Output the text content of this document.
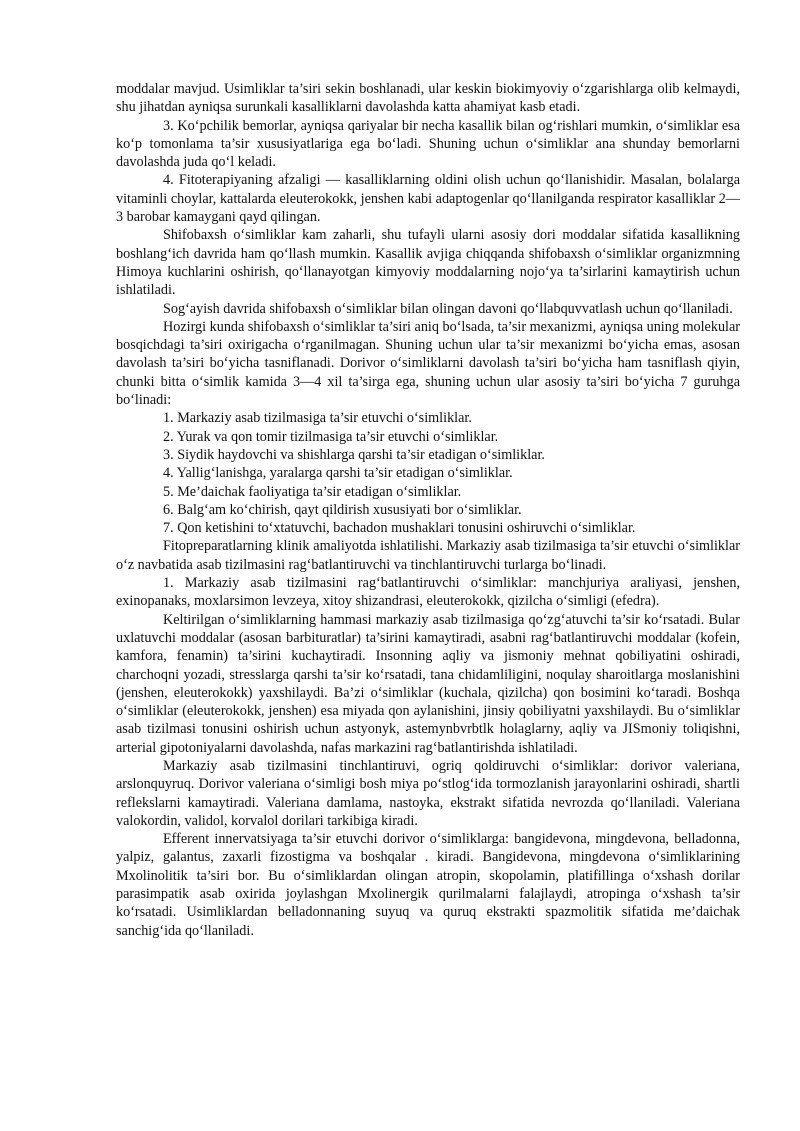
moddalar mavjud. Usimliklar ta’siri sekin boshlanadi, ular keskin biokimyoviy o‘zgarishlarga olib kelmaydi, shu jihatdan ayniqsa surunkali kasalliklarni davolashda katta ahamiyat kasb etadi.

3. Ko‘pchilik bemorlar, ayniqsa qariyalar bir necha kasallik bilan og‘rishlari mumkin, o‘simliklar esa ko‘p tomonlama ta’sir xususiyatlariga ega bo‘ladi. Shuning uchun o‘simliklar ana shunday bemorlarni davolashda juda qo‘l keladi.

4. Fitoterapiyaning afzaligi — kasalliklarning oldini olish uchun qo‘llanishidir. Masalan, bolalarga vitaminli choylar, kattalarda eleuterokokk, jenshen kabi adaptogenlar qo‘llanilganda respirator kasalliklar 2—3 barobar kamaygani qayd qilingan.

Shifobaxsh o‘simliklar kam zaharli, shu tufayli ularni asosiy dori moddalar sifatida kasallikning boshlang‘ich davrida ham qo‘llash mumkin. Kasallik avjiga chiqqanda shifobaxsh o‘simliklar organizmning Himoya kuchlarini oshirish, qo‘llanayotgan kimyoviy moddalarning nojo‘ya ta’sirlarini kamaytirish uchun ishlatiladi.

Sog‘ayish davrida shifobaxsh o‘simliklar bilan olingan davoni qo‘llabquvvatlash uchun qo‘llaniladi.

Hozirgi kunda shifobaxsh o‘simliklar ta’siri aniq bo‘lsada, ta’sir mexanizmi, ayniqsa uning molekular bosqichdagi ta’siri oxirigacha o‘rganilmagan. Shuning uchun ular ta’sir mexanizmi bo‘yicha emas, asosan davolash ta’siri bo‘yicha tasniflanadi. Dorivor o‘simliklarni davolash ta’siri bo‘yicha ham tasniflash qiyin, chunki bitta o‘simlik kamida 3—4 xil ta’sirga ega, shuning uchun ular asosiy ta’siri bo‘yicha 7 guruhga bo‘linadi:

1. Markaziy asab tizilmasiga ta’sir etuvchi o‘simliklar.

2. Yurak va qon tomir tizilmasiga ta’sir etuvchi o‘simliklar.

3. Siydik haydovchi va shishlarga qarshi ta’sir etadigan o‘simliklar.

4. Yallig‘lanishga, yaralarga qarshi ta’sir etadigan o‘simliklar.

5. Me’daichak faoliyatiga ta’sir etadigan o‘simliklar.

6. Balg‘am ko‘chirish, qayt qildirish xususiyati bor o‘simliklar.

7. Qon ketishini to‘xtatuvchi, bachadon mushaklari tonusini oshiruvchi o‘simliklar.

Fitopreparatlarning klinik amaliyotda ishlatilishi. Markaziy asab tizilmasiga ta’sir etuvchi o‘simliklar o‘z navbatida asab tizilmasini rag‘batlantiruvchi va tinchlantiruvchi turlarga bo‘linadi.

1. Markaziy asab tizilmasini rag‘batlantiruvchi o‘simliklar: manchjuriya araliyasi, jenshen, exinopanaks, moxlarsimon levzeya, xitoy shizandrasi, eleuterokokk, qizilcha o‘simligi (efedra).

Keltirilgan o‘simliklarning hammasi markaziy asab tizilmasiga qo‘zg‘atuvchi ta’sir ko‘rsatadi. Bular uxlatuvchi moddalar (asosan barbituratlar) ta’sirini kamaytiradi, asabni rag‘batlantiruvchi moddalar (kofein, kamfora, fenamin) ta’sirini kuchaytiradi. Insonning aqliy va jismoniy mehnat qobiliyatini oshiradi, charchoqni yozadi, stresslarga qarshi ta’sir ko‘rsatadi, tana chidamliligini, noqulay sharoitlarga moslanishini (jenshen, eleuterokokk) yaxshilaydi. Ba’zi o‘simliklar (kuchala, qizilcha) qon bosimini ko‘taradi. Boshqa o‘simliklar (eleuterokokk, jenshen) esa miyada qon aylanishini, jinsiy qobiliyatni yaxshilaydi. Bu o‘simliklar asab tizilmasi tonusini oshirish uchun astyonyk, astemynbvrbtlk holaglarny, aqliy va JISmoniy toliqishni, arterial gipotoniyalarni davolashda, nafas markazini rag‘batlantirishda ishlatiladi.

Markaziy asab tizilmasini tinchlantiruvi, ogriq qoldiruvchi o‘simliklar: dorivor valeriana, arslonquyruq. Dorivor valeriana o‘simligi bosh miya po‘stlog‘ida tormozlanish jarayonlarini oshiradi, shartli reflekslarni kamaytiradi. Valeriana damlama, nastoyka, ekstrakt sifatida nevrozda qo‘llaniladi. Valeriana valokordin, validol, korvalol dorilari tarkibiga kiradi.

Efferent innervatsiyaga ta’sir etuvchi dorivor o‘simliklarga: bangidevona, mingdevona, belladonna, yalpiz, galantus, zaxarli fizostigma va boshqalar . kiradi. Bangidevona, mingdevona o‘simliklarining Mxolinolitik ta’siri bor. Bu o‘simliklardan olingan atropin, skopolamin, platifillinga o‘xshash dorilar parasimpatik asab oxirida joylashgan Mxolinergik qurilmalarni falajlaydi, atropinga o‘xshash ta’sir ko‘rsatadi. Usimliklardan belladonnaning suyuq va quruq ekstrakti spazmolitik sifatida me’daichak sanchig‘ida qo‘llaniladi.
